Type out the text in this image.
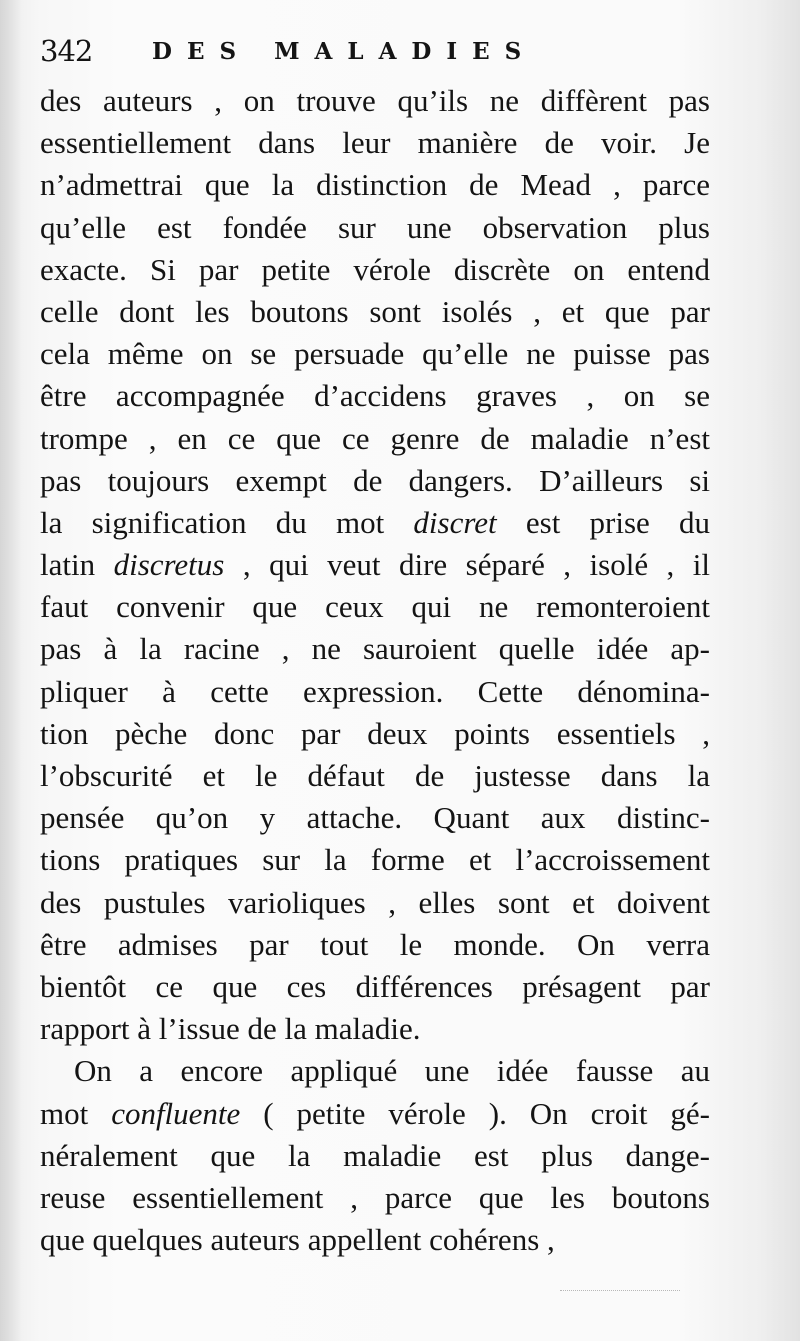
342	DES MALADIES
des auteurs , on trouve qu’ils ne diffèrent pas
essentiellement dans leur manière de voir. Je
n’admettrai que la distinction de Mead , parce
qu’elle est fondée sur une observation plus
exacte. Si par petite vérole discrète on entend
celle dont les boutons sont isolés , et que par
cela même on se persuade qu’elle ne puisse pas
être accompagnée d’accidens graves , on se
trompe , en ce que ce genre de maladie n’est
pas toujours exempt de dangers. D’ailleurs si
la signification du mot discret est prise du
latin discretus , qui veut dire séparé , isolé , il
faut convenir que ceux qui ne remonteroient
pas à la racine , ne sauroient quelle idée ap-
pliquer à cette expression. Cette dénomina-
tion pèche donc par deux points essentiels ,
l’obscurité et le défaut de justesse dans la
pensée qu’on y attache. Quant aux distinc-
tions pratiques sur la forme et l’accroissement
des pustules varioliques , elles sont et doivent
être admises par tout le monde. On verra
bientôt ce que ces différences présagent par
rapport à l’issue de la maladie.
On a encore appliqué une idée fausse au
mot confluente ( petite vérole ). On croit gé-
néralement que la maladie est plus dange-
reuse essentiellement , parce que les boutons
que quelques auteurs appellent cohérens ,
